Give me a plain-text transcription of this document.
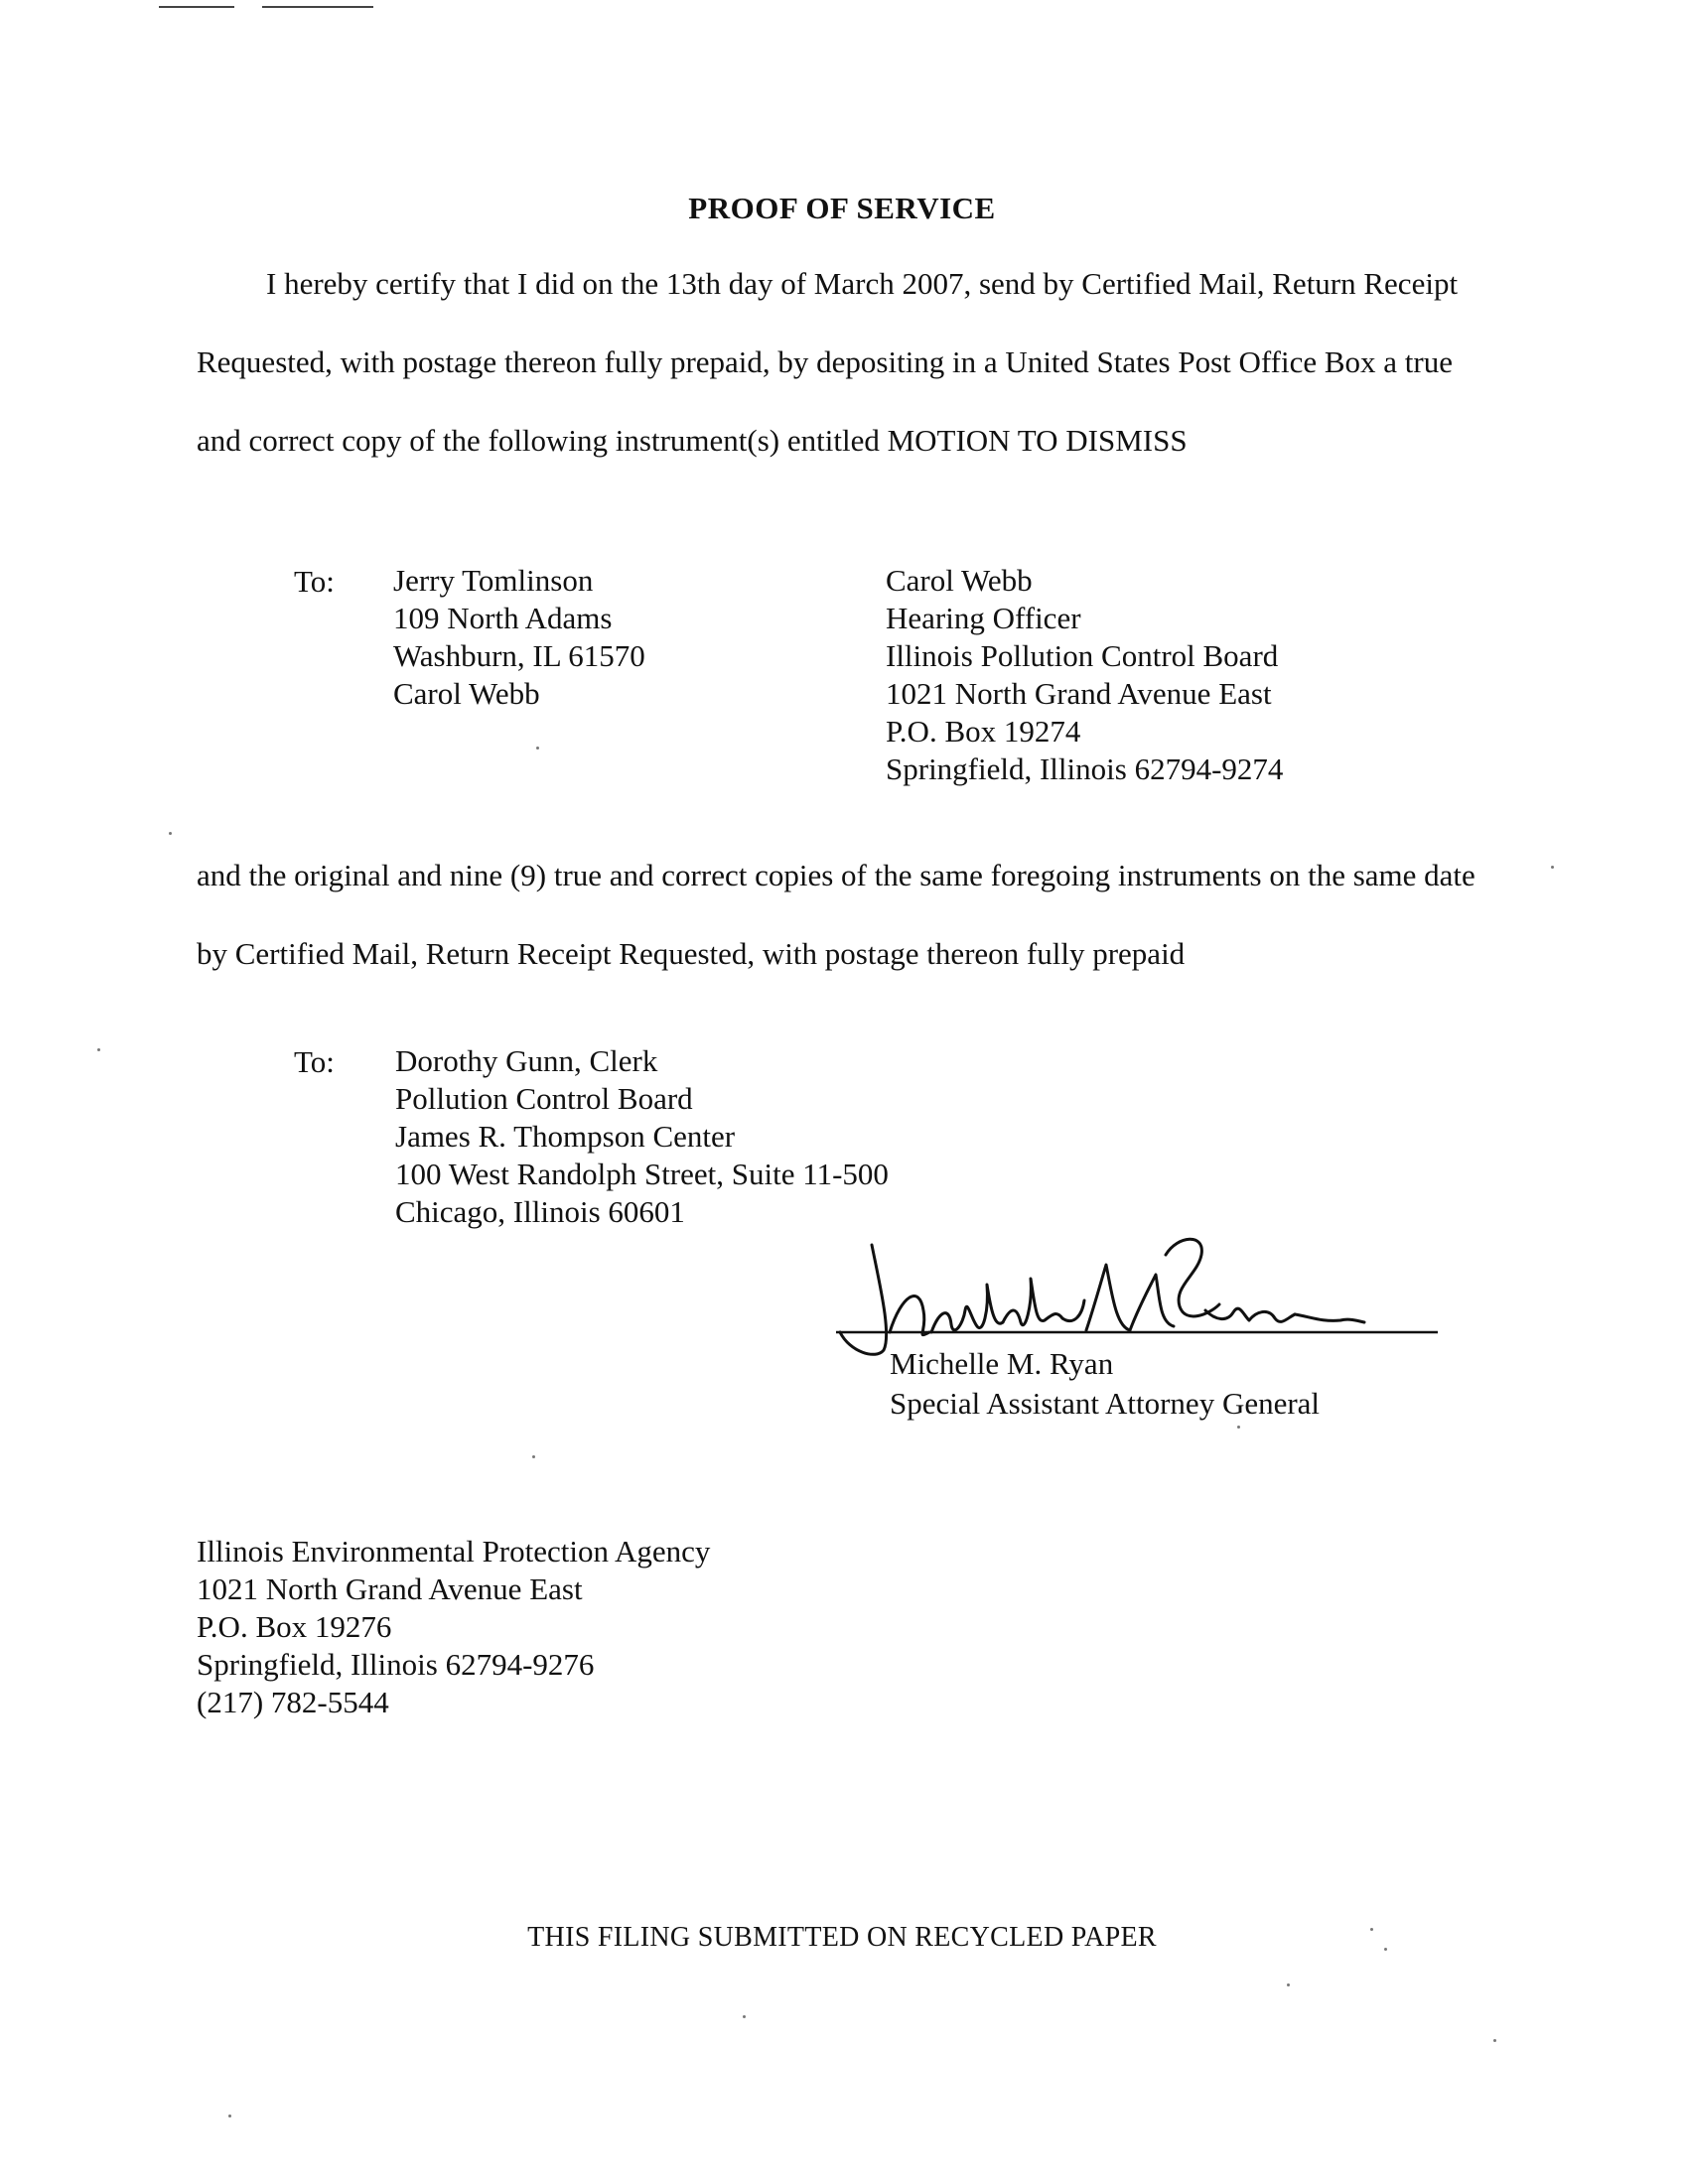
PROOF OF SERVICE
I hereby certify that I did on the 13th day of March 2007, send by Certified Mail, Return Receipt Requested, with postage thereon fully prepaid, by depositing in a United States Post Office Box a true and correct copy of the following instrument(s) entitled MOTION TO DISMISS
To: Jerry Tomlinson
109 North Adams
Washburn, IL 61570
Carol Webb
Carol Webb
Hearing Officer
Illinois Pollution Control Board
1021 North Grand Avenue East
P.O. Box 19274
Springfield, Illinois 62794-9274
and the original and nine (9) true and correct copies of the same foregoing instruments on the same date by Certified Mail, Return Receipt Requested, with postage thereon fully prepaid
To: Dorothy Gunn, Clerk
Pollution Control Board
James R. Thompson Center
100 West Randolph Street, Suite 11-500
Chicago, Illinois 60601
Michelle M. Ryan
Special Assistant Attorney General
Illinois Environmental Protection Agency
1021 North Grand Avenue East
P.O. Box 19276
Springfield, Illinois 62794-9276
(217) 782-5544
THIS FILING SUBMITTED ON RECYCLED PAPER
